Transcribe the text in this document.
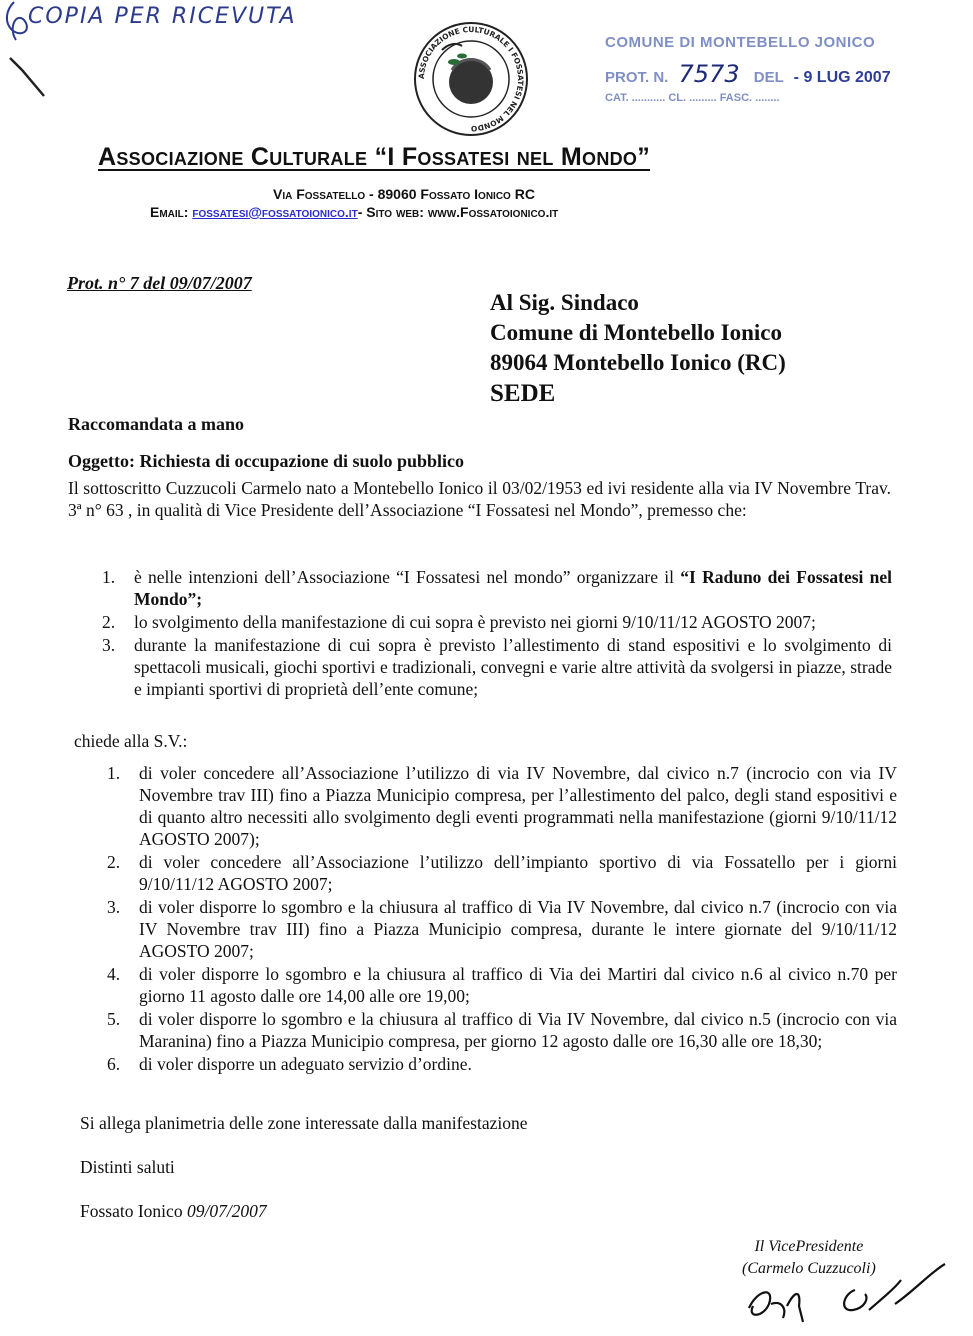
COPIA PER RICEVUTA
ASSOCIAZIONE CULTURALE I FOSSATESI NEL MONDO
COMUNE DI MONTEBELLO JONICO
PROT. N. 7573 DEL - 9 LUG 2007
CAT. ........... CL. ......... FASC. ........
Associazione Culturale “I Fossatesi nel Mondo”
Via Fossatello - 89060 Fossato Ionico RC
Email: fossatesi@fossatoionico.it- Sito web: www.Fossatoionico.it
Prot. n° 7 del 09/07/2007
Al Sig. Sindaco
Comune di Montebello Ionico
89064 Montebello Ionico (RC)
SEDE
Raccomandata a mano
Oggetto: Richiesta di occupazione di suolo pubblico
Il sottoscritto Cuzzucoli Carmelo nato a Montebello Ionico il 03/02/1953 ed ivi residente alla via IV Novembre Trav. 3ª n° 63 , in qualità di Vice Presidente dell’Associazione “I Fossatesi nel Mondo”, premesso che:
1. è nelle intenzioni dell’Associazione “I Fossatesi nel mondo” organizzare il “I Raduno dei Fossatesi nel Mondo”;
2. lo svolgimento della manifestazione di cui sopra è previsto nei giorni 9/10/11/12 AGOSTO 2007;
3. durante la manifestazione di cui sopra è previsto l’allestimento di stand espositivi e lo svolgimento di spettacoli musicali, giochi sportivi e tradizionali, convegni e varie altre attività da svolgersi in piazze, strade e impianti sportivi di proprietà dell’ente comune;
chiede alla S.V.:
1. di voler concedere all’Associazione l’utilizzo di via IV Novembre, dal civico n.7 (incrocio con via IV Novembre trav III) fino a Piazza Municipio compresa, per l’allestimento del palco, degli stand espositivi e di quanto altro necessiti allo svolgimento degli eventi programmati nella manifestazione (giorni 9/10/11/12 AGOSTO 2007);
2. di voler concedere all’Associazione l’utilizzo dell’impianto sportivo di via Fossatello per i giorni 9/10/11/12 AGOSTO 2007;
3. di voler disporre lo sgombro e la chiusura al traffico di Via IV Novembre, dal civico n.7 (incrocio con via IV Novembre trav III) fino a Piazza Municipio compresa, durante le intere giornate del 9/10/11/12 AGOSTO 2007;
4. di voler disporre lo sgombro e la chiusura al traffico di Via dei Martiri dal civico n.6 al civico n.70 per giorno 11 agosto dalle ore 14,00 alle ore 19,00;
5. di voler disporre lo sgombro e la chiusura al traffico di Via IV Novembre, dal civico n.5 (incrocio con via Maranina) fino a Piazza Municipio compresa, per giorno 12 agosto dalle ore 16,30 alle ore 18,30;
6. di voler disporre un adeguato servizio d’ordine.
Si allega planimetria delle zone interessate dalla manifestazione
Distinti saluti
Fossato Ionico 09/07/2007
Il VicePresidente
(Carmelo Cuzzucoli)
